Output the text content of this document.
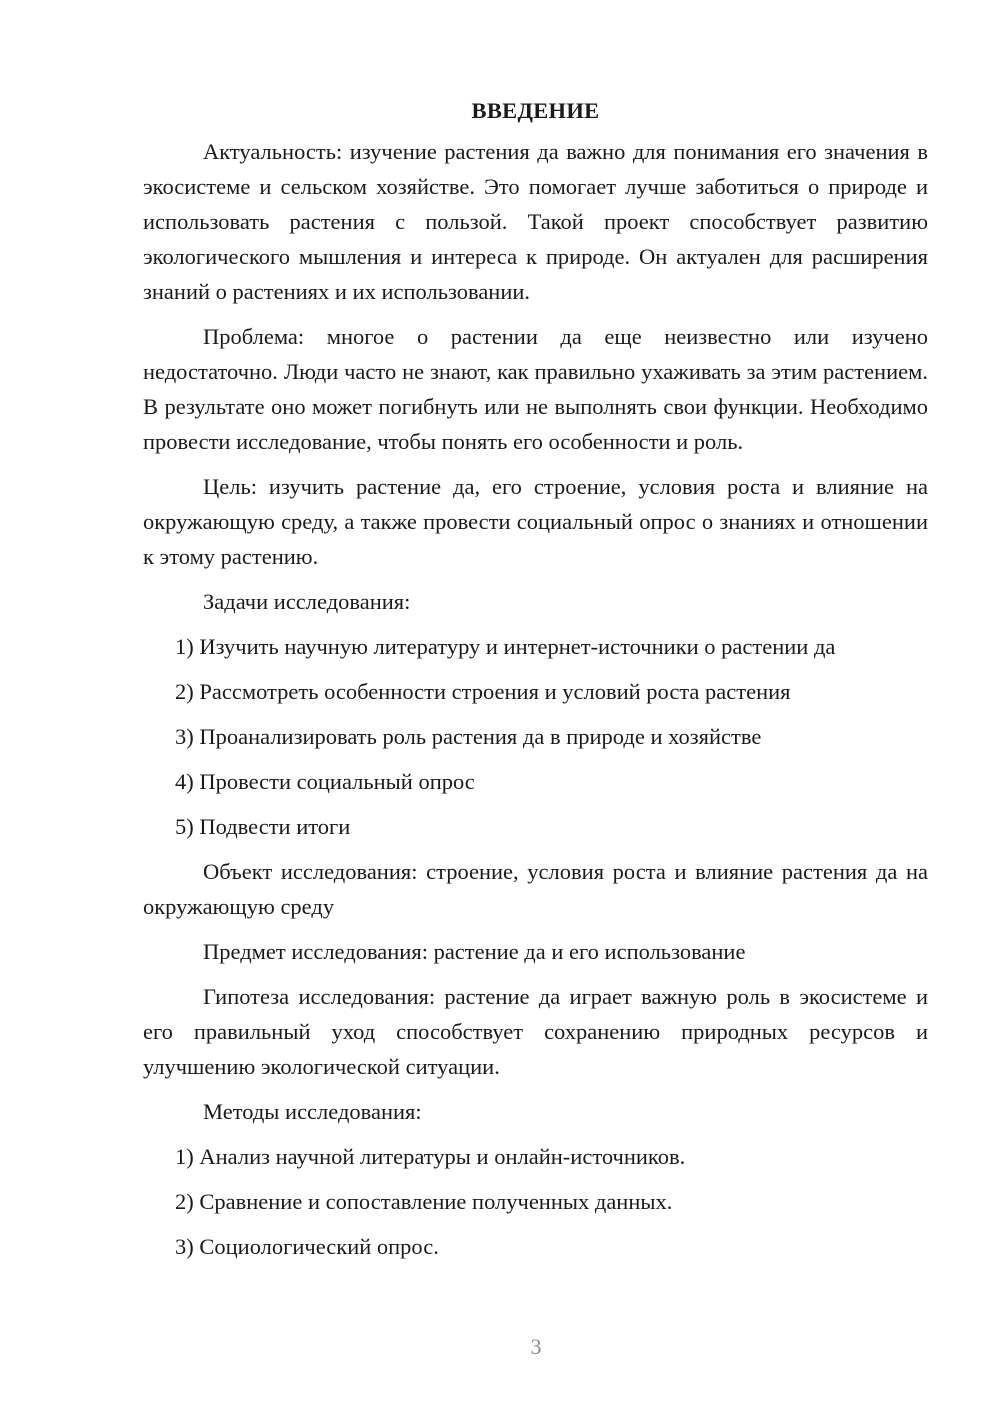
ВВЕДЕНИЕ

Актуальность: изучение растения да важно для понимания его значения в экосистеме и сельском хозяйстве. Это помогает лучше заботиться о природе и использовать растения с пользой. Такой проект способствует развитию экологического мышления и интереса к природе. Он актуален для расширения знаний о растениях и их использовании.

Проблема: многое о растении да еще неизвестно или изучено недостаточно. Люди часто не знают, как правильно ухаживать за этим растением. В результате оно может погибнуть или не выполнять свои функции. Необходимо провести исследование, чтобы понять его особенности и роль.

Цель: изучить растение да, его строение, условия роста и влияние на окружающую среду, а также провести социальный опрос о знаниях и отношении к этому растению.

Задачи исследования:

1) Изучить научную литературу и интернет-источники о растении да
2) Рассмотреть особенности строения и условий роста растения
3) Проанализировать роль растения да в природе и хозяйстве
4) Провести социальный опрос
5) Подвести итоги

Объект исследования: строение, условия роста и влияние растения да на окружающую среду

Предмет исследования: растение да и его использование

Гипотеза исследования: растение да играет важную роль в экосистеме и его правильный уход способствует сохранению природных ресурсов и улучшению экологической ситуации.

Методы исследования:

1) Анализ научной литературы и онлайн-источников.
2) Сравнение и сопоставление полученных данных.
3) Социологический опрос.
3
